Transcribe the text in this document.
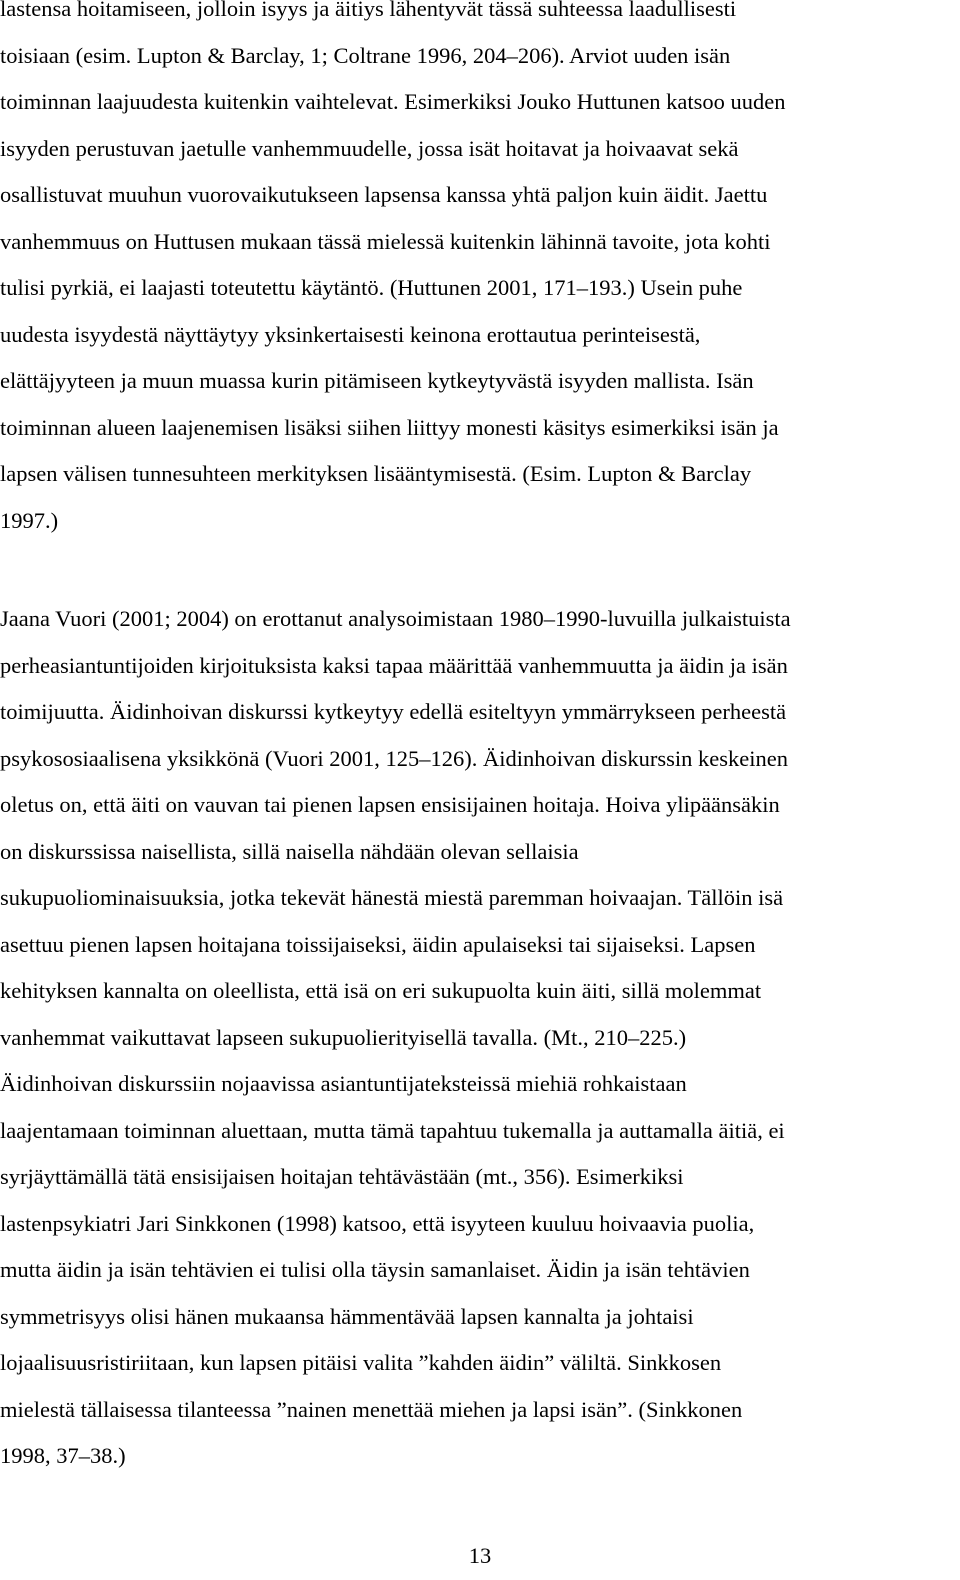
lastensa hoitamiseen, jolloin isyys ja äitiys lähentyvät tässä suhteessa laadullisesti
toisiaan (esim. Lupton & Barclay, 1; Coltrane 1996, 204–206). Arviot uuden isän
toiminnan laajuudesta kuitenkin vaihtelevat. Esimerkiksi Jouko Huttunen katsoo uuden
isyyden perustuvan jaetulle vanhemmuudelle, jossa isät hoitavat ja hoivaavat sekä
osallistuvat muuhun vuorovaikutukseen lapsensa kanssa yhtä paljon kuin äidit. Jaettu
vanhemmuus on Huttusen mukaan tässä mielessä kuitenkin lähinnä tavoite, jota kohti
tulisi pyrkiä, ei laajasti toteutettu käytäntö. (Huttunen 2001, 171–193.) Usein puhe
uudesta isyydestä näyttäytyy yksinkertaisesti keinona erottautua perinteisestä,
elättäjyyteen ja muun muassa kurin pitämiseen kytkeytyvästä isyyden mallista. Isän
toiminnan alueen laajenemisen lisäksi siihen liittyy monesti käsitys esimerkiksi isän ja
lapsen välisen tunnesuhteen merkityksen lisääntymisestä. (Esim. Lupton & Barclay
1997.)
Jaana Vuori (2001; 2004) on erottanut analysoimistaan 1980–1990-luvuilla julkaistuista
perheasiantuntijoiden kirjoituksista kaksi tapaa määrittää vanhemmuutta ja äidin ja isän
toimijuutta. Äidinhoivan diskurssi kytkeytyy edellä esiteltyyn ymmärrykseen perheestä
psykososiaalisena yksikkönä (Vuori 2001, 125–126). Äidinhoivan diskurssin keskeinen
oletus on, että äiti on vauvan tai pienen lapsen ensisijainen hoitaja. Hoiva ylipäänsäkin
on diskurssissa naisellista, sillä naisella nähdään olevan sellaisia
sukupuoliominaisuuksia, jotka tekevät hänestä miestä paremman hoivaajan. Tällöin isä
asettuu pienen lapsen hoitajana toissijaiseksi, äidin apulaiseksi tai sijaiseksi. Lapsen
kehityksen kannalta on oleellista, että isä on eri sukupuolta kuin äiti, sillä molemmat
vanhemmat vaikuttavat lapseen sukupuolierityisellä tavalla. (Mt., 210–225.)
Äidinhoivan diskurssiin nojaavissa asiantuntijateksteissä miehiä rohkaistaan
laajentamaan toiminnan aluettaan, mutta tämä tapahtuu tukemalla ja auttamalla äitiä, ei
syrjäyttämällä tätä ensisijaisen hoitajan tehtävästään (mt., 356). Esimerkiksi
lastenpsykiatri Jari Sinkkonen (1998) katsoo, että isyyteen kuuluu hoivaavia puolia,
mutta äidin ja isän tehtävien ei tulisi olla täysin samanlaiset. Äidin ja isän tehtävien
symmetrisyys olisi hänen mukaansa hämmentävää lapsen kannalta ja johtaisi
lojaalisuusristiriitaan, kun lapsen pitäisi valita ”kahden äidin” väliltä. Sinkkosen
mielestä tällaisessa tilanteessa ”nainen menettää miehen ja lapsi isän”. (Sinkkonen
1998, 37–38.)
13
